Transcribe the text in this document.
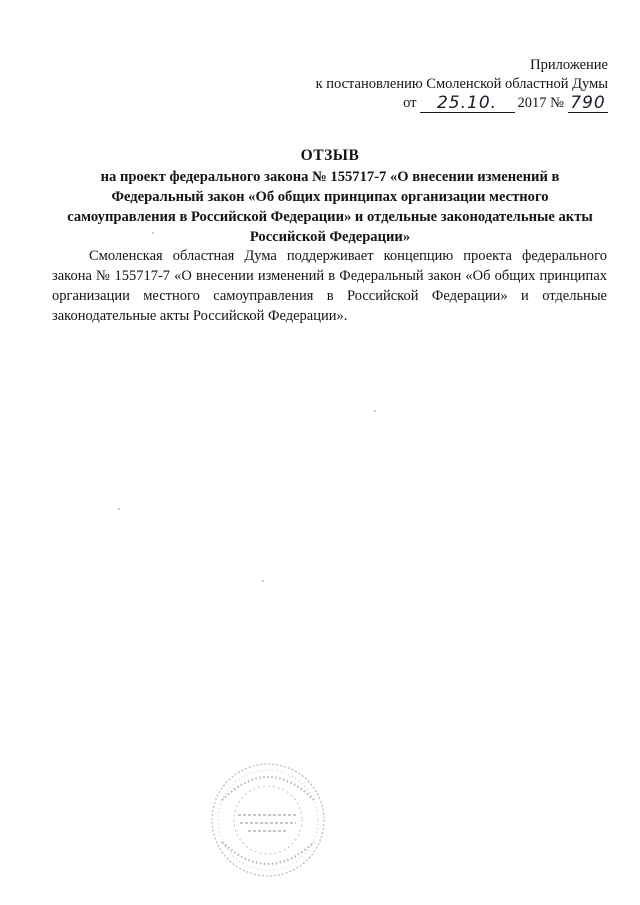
Приложение
к постановлению Смоленской областной Думы
от	25.10.	2017 № 790
ОТЗЫВ
на проект федерального закона № 155717-7 «О внесении изменений в Федеральный закон «Об общих принципах организации местного самоуправления в Российской Федерации» и отдельные законодательные акты Российской Федерации»
Смоленская областная Дума поддерживает концепцию проекта федерального закона № 155717-7 «О внесении изменений в Федеральный закон «Об общих принципах организации местного самоуправления в Российской Федерации» и отдельные законодательные акты Российской Федерации».
